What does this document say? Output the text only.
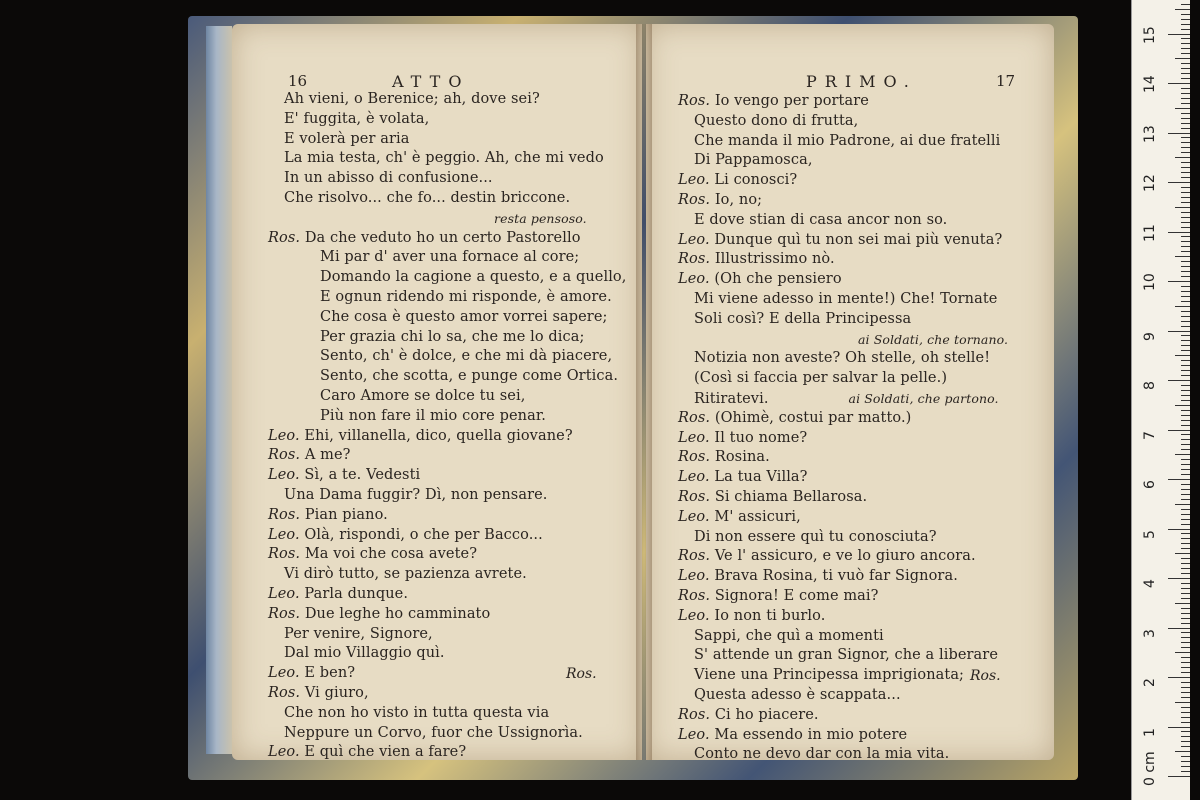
16	ATTO	PRIMO.	17
Ah vieni, o Berenice; ah, dove sei?
E' fuggita, è volata,
E volerà per aria
La mia testa, ch' è peggio. Ah, che mi vedo
In un abisso di confusione...
Che risolvo... che fo... destin briccone.
resta pensoso.
Ros. Da che veduto ho un certo Pastorello
Mi par d' aver una fornace al core;
Domando la cagione a questo, e a quello,
E ognun ridendo mi risponde, è amore.
Che cosa è questo amor vorrei sapere;
Per grazia chi lo sa, che me lo dica;
Sento, ch' è dolce, e che mi dà piacere,
Sento, che scotta, e punge come Ortica.
Caro Amore se dolce tu sei,
Più non fare il mio core penar.
Leo. Ehi, villanella, dico, quella giovane?
Ros. A me?
Leo. Sì, a te. Vedesti
Una Dama fuggir? Dì, non pensare.
Ros. Pian piano.
Leo. Olà, rispondi, o che per Bacco...
Ros. Ma voi che cosa avete?
Vi dirò tutto, se pazienza avrete.
Leo. Parla dunque.
Ros. Due leghe ho camminato
Per venire, Signore,
Dal mio Villaggio quì.
Leo. E ben?
Ros. Vi giuro,
Che non ho visto in tutta questa via
Neppure un Corvo, fuor che Ussignorìa.
Leo. E quì che vien a fare?
Ros. Io vengo per portare
Questo dono di frutta,
Che manda il mio Padrone, ai due fratelli
Di Pappamosca,
Leo. Li conosci?
Ros. Io, no;
E dove stian di casa ancor non so.
Leo. Dunque quì tu non sei mai più venuta?
Ros. Illustrissimo nò.
Leo. (Oh che pensiero
Mi viene adesso in mente!) Che! Tornate
Soli così? E della Principessa
ai Soldati, che tornano.
Notizia non aveste? Oh stelle, oh stelle!
(Così si faccia per salvar la pelle.)
Ritiratevi.	ai Soldati, che partono.
Ros. (Ohimè, costui par matto.)
Leo. Il tuo nome?
Ros. Rosina.
Leo. La tua Villa?
Ros. Si chiama Bellarosa.
Leo. M' assicuri,
Di non essere quì tu conosciuta?
Ros. Ve l' assicuro, e ve lo giuro ancora.
Leo. Brava Rosina, ti vuò far Signora.
Ros. Signora! E come mai?
Leo. Io non ti burlo.
Sappi, che quì a momenti
S' attende un gran Signor, che a liberare
Viene una Principessa imprigionata;
Questa adesso è scappata...
Ros. Ci ho piacere.
Leo. Ma essendo in mio potere
Conto ne devo dar con la mia vita.
Ros.	Ros.
0 cm
1
2
3
4
5
6
7
8
9
10
11
12
13
14
15
